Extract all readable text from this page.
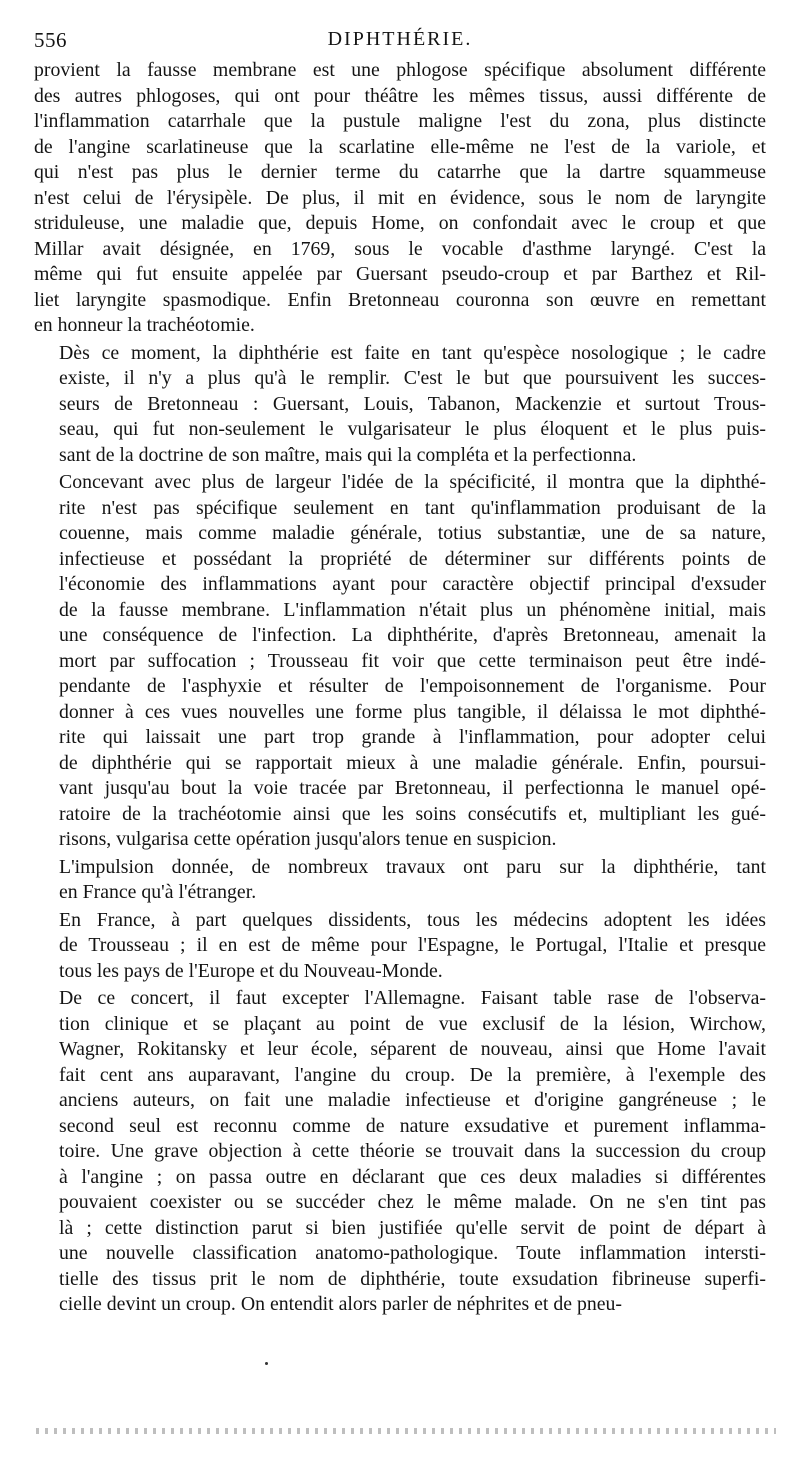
556	DIPHTHÉRIE.

provient la fausse membrane est une phlogose spécifique absolument différente
des autres phlogoses, qui ont pour théâtre les mêmes tissus, aussi différente de
l'inflammation catarrhale que la pustule maligne l'est du zona, plus distincte
de l'angine scarlatineuse que la scarlatine elle-même ne l'est de la variole, et
qui n'est pas plus le dernier terme du catarrhe que la dartre squammeuse
n'est celui de l'érysipèle. De plus, il mit en évidence, sous le nom de laryngite
striduleuse, une maladie que, depuis Home, on confondait avec le croup et que
Millar avait désignée, en 1769, sous le vocable d'asthme laryngé. C'est la
même qui fut ensuite appelée par Guersant pseudo-croup et par Barthez et Ril-
liet laryngite spasmodique. Enfin Bretonneau couronna son œuvre en remettant
en honneur la trachéotomie.

Dès ce moment, la diphthérie est faite en tant qu'espèce nosologique ; le cadre
existe, il n'y a plus qu'à le remplir. C'est le but que poursuivent les succes-
seurs de Bretonneau : Guersant, Louis, Tabanon, Mackenzie et surtout Trous-
seau, qui fut non-seulement le vulgarisateur le plus éloquent et le plus puis-
sant de la doctrine de son maître, mais qui la compléta et la perfectionna.

Concevant avec plus de largeur l'idée de la spécificité, il montra que la diphthé-
rite n'est pas spécifique seulement en tant qu'inflammation produisant de la
couenne, mais comme maladie générale, totius substantiæ, une de sa nature,
infectieuse et possédant la propriété de déterminer sur différents points de
l'économie des inflammations ayant pour caractère objectif principal d'exsuder
de la fausse membrane. L'inflammation n'était plus un phénomène initial, mais
une conséquence de l'infection. La diphthérite, d'après Bretonneau, amenait la
mort par suffocation ; Trousseau fit voir que cette terminaison peut être indé-
pendante de l'asphyxie et résulter de l'empoisonnement de l'organisme. Pour
donner à ces vues nouvelles une forme plus tangible, il délaissa le mot diphthé-
rite qui laissait une part trop grande à l'inflammation, pour adopter celui
de diphthérie qui se rapportait mieux à une maladie générale. Enfin, poursui-
vant jusqu'au bout la voie tracée par Bretonneau, il perfectionna le manuel opé-
ratoire de la trachéotomie ainsi que les soins consécutifs et, multipliant les gué-
risons, vulgarisa cette opération jusqu'alors tenue en suspicion.

L'impulsion donnée, de nombreux travaux ont paru sur la diphthérie, tant
en France qu'à l'étranger.

En France, à part quelques dissidents, tous les médecins adoptent les idées
de Trousseau ; il en est de même pour l'Espagne, le Portugal, l'Italie et presque
tous les pays de l'Europe et du Nouveau-Monde.

De ce concert, il faut excepter l'Allemagne. Faisant table rase de l'observa-
tion clinique et se plaçant au point de vue exclusif de la lésion, Wirchow,
Wagner, Rokitansky et leur école, séparent de nouveau, ainsi que Home l'avait
fait cent ans auparavant, l'angine du croup. De la première, à l'exemple des
anciens auteurs, on fait une maladie infectieuse et d'origine gangréneuse ; le
second seul est reconnu comme de nature exsudative et purement inflamma-
toire. Une grave objection à cette théorie se trouvait dans la succession du croup
à l'angine ; on passa outre en déclarant que ces deux maladies si différentes
pouvaient coexister ou se succéder chez le même malade. On ne s'en tint pas
là ; cette distinction parut si bien justifiée qu'elle servit de point de départ à
une nouvelle classification anatomo-pathologique. Toute inflammation intersti-
tielle des tissus prit le nom de diphthérie, toute exsudation fibrineuse superfi-
cielle devint un croup. On entendit alors parler de néphrites et de pneu-
